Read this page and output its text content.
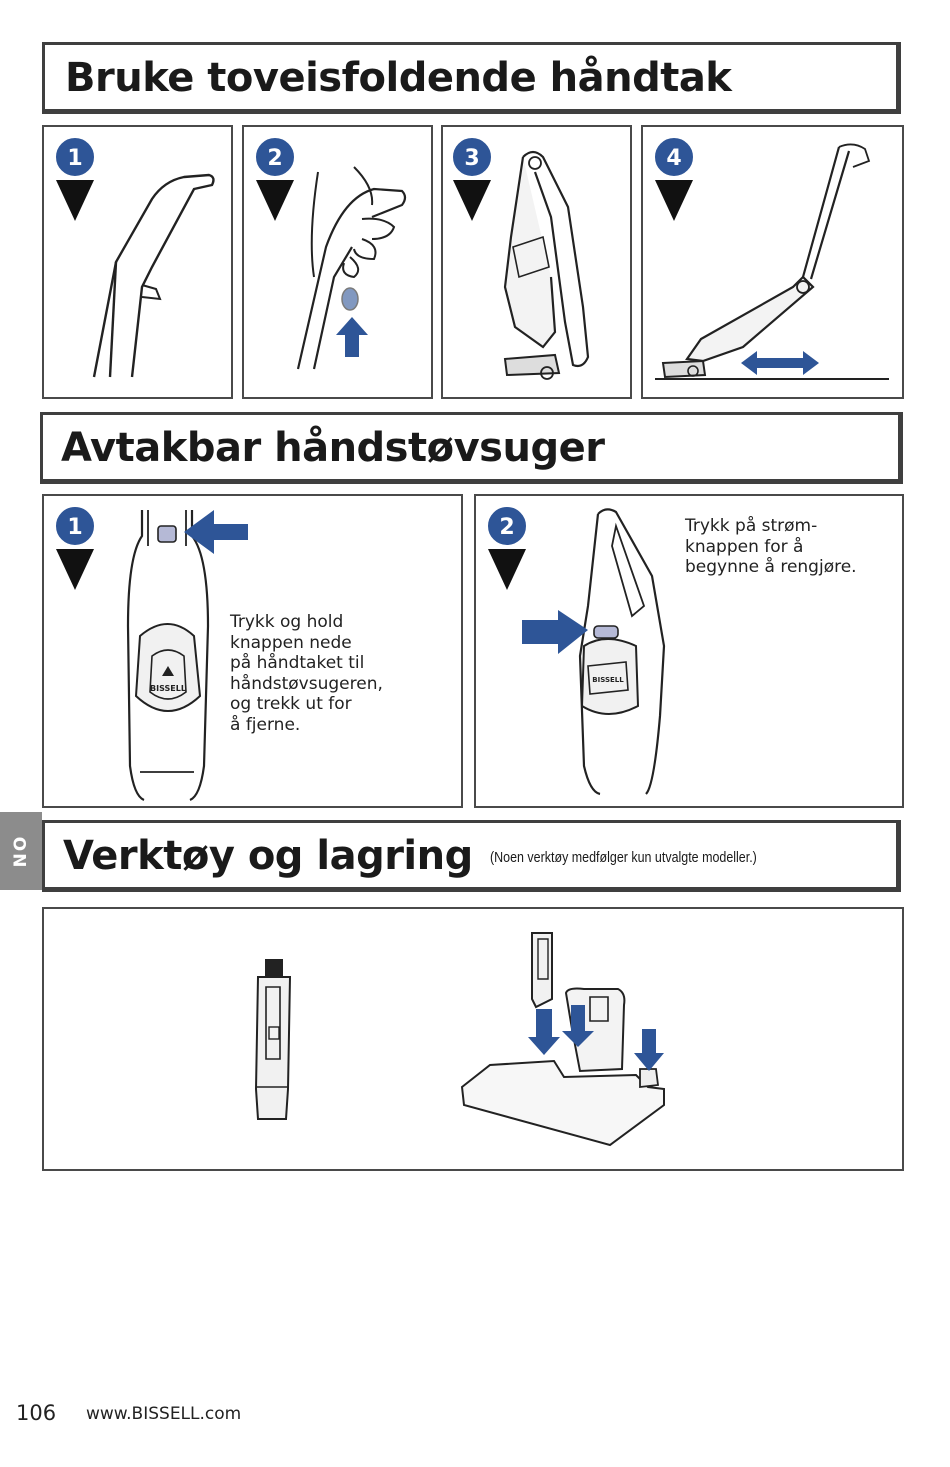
Bruke toveisfoldende håndtak
1	2	3	4
Avtakbar håndstøvsuger
BISSELL
1
Trykk og hold
knappen nede
på håndtaket til
håndstøvsugeren,
og trekk ut for
å fjerne.
BISSELL
2	Trykk på strøm-
knappen for å
begynne å rengjøre.
NO Verktøy og lagring (Noen verktøy medfølger kun utvalgte modeller.)
106 www.BISSELL.com
